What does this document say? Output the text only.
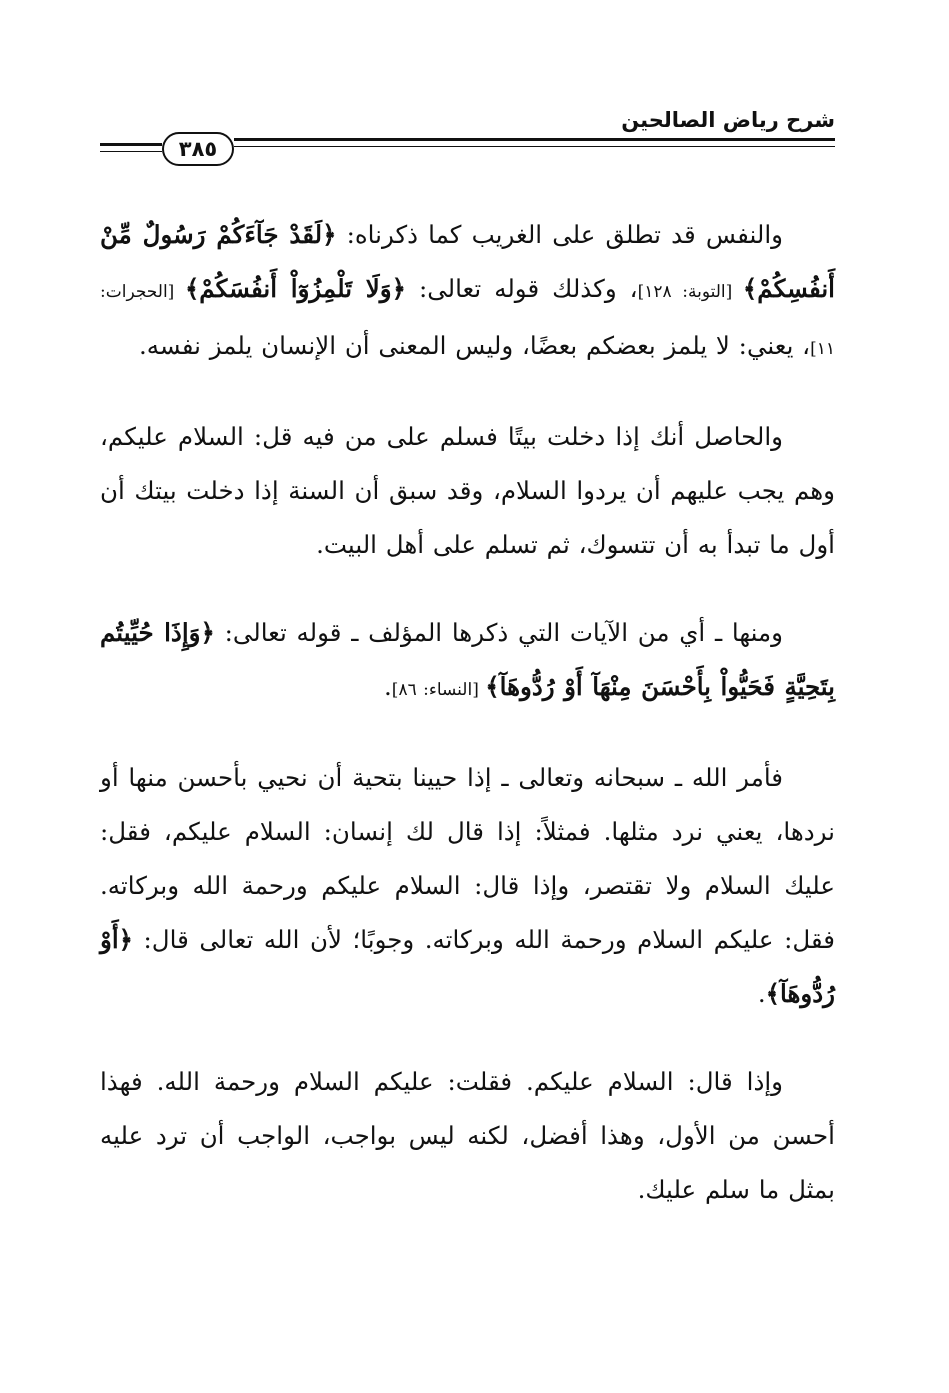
شرح رياض الصالحين
٣٨٥

والنفس قد تطلق على الغريب كما ذكرناه: ﴿لَقَدْ جَآءَكُمْ رَسُولٌ مِّنْ أَنفُسِكُمْ﴾ [التوبة: ١٢٨]، وكذلك قوله تعالى: ﴿وَلَا تَلْمِزُوٓاْ أَنفُسَكُمْ﴾ [الحجرات: ١١]، يعني: لا يلمز بعضكم بعضًا، وليس المعنى أن الإنسان يلمز نفسه.

والحاصل أنك إذا دخلت بيتًا فسلم على من فيه قل: السلام عليكم، وهم يجب عليهم أن يردوا السلام، وقد سبق أن السنة إذا دخلت بيتك أن أول ما تبدأ به أن تتسوك، ثم تسلم على أهل البيت.

ومنها ـ أي من الآيات التي ذكرها المؤلف ـ قوله تعالى: ﴿وَإِذَا حُيِّيتُم بِتَحِيَّةٍ فَحَيُّواْ بِأَحْسَنَ مِنْهَآ أَوْ رُدُّوهَآ﴾ [النساء: ٨٦].

فأمر الله ـ سبحانه وتعالى ـ إذا حيينا بتحية أن نحيي بأحسن منها أو نردها، يعني نرد مثلها. فمثلاً: إذا قال لك إنسان: السلام عليكم، فقل: عليك السلام ولا تقتصر، وإذا قال: السلام عليكم ورحمة الله وبركاته. فقل: عليكم السلام ورحمة الله وبركاته. وجوبًا؛ لأن الله تعالى قال: ﴿أَوْ رُدُّوهَآ﴾.

وإذا قال: السلام عليكم. فقلت: عليكم السلام ورحمة الله. فهذا أحسن من الأول، وهذا أفضل، لكنه ليس بواجب، الواجب أن ترد عليه بمثل ما سلم عليك.
